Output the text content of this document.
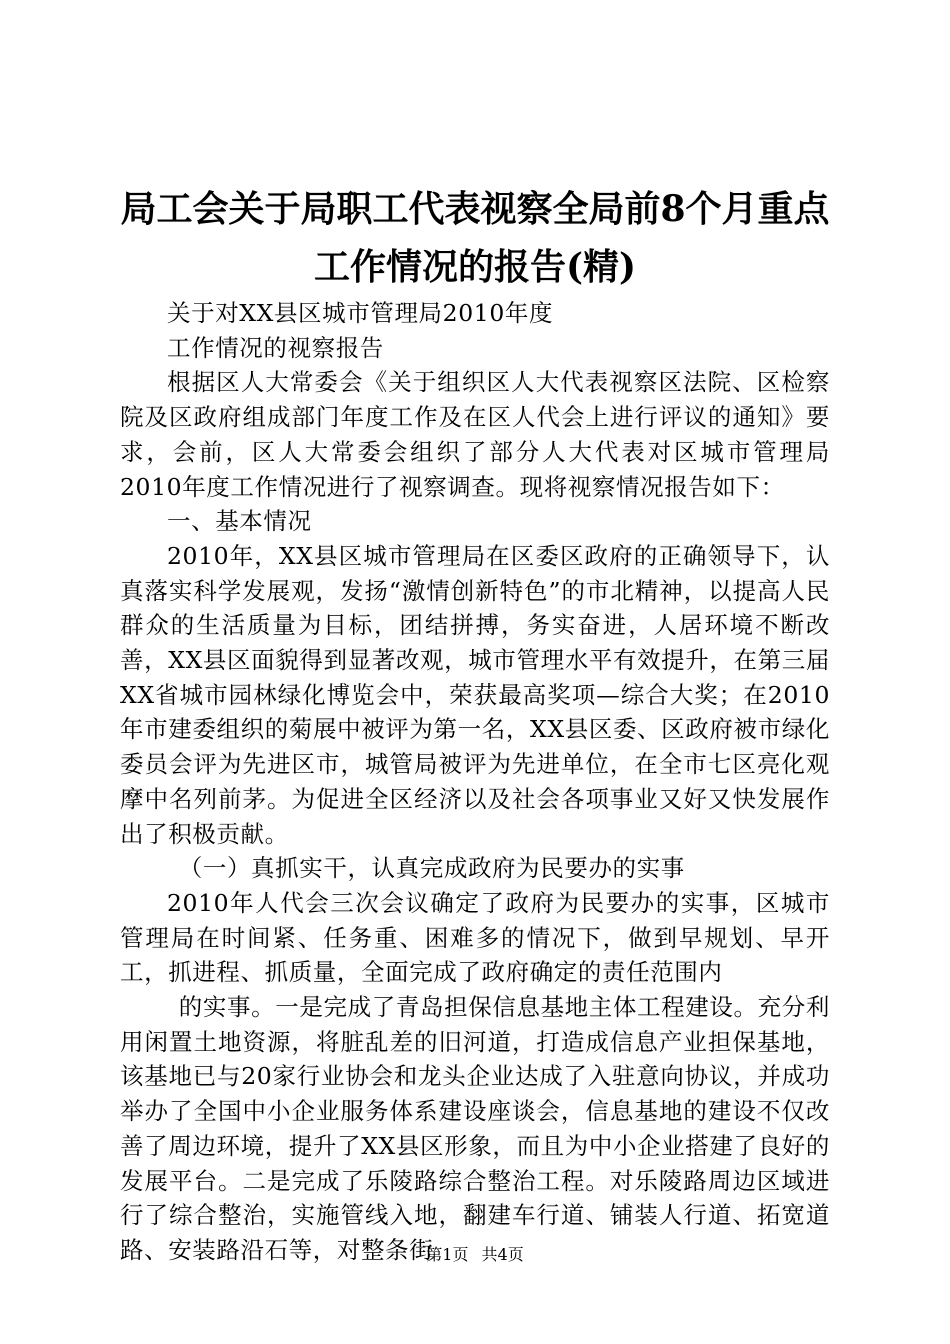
局工会关于局职工代表视察全局前8个月重点
工作情况的报告(精)

关于对XX县区城市管理局2010年度

工作情况的视察报告

根据区人大常委会《关于组织区人大代表视察区法院、区检察院及区政府组成部门年度工作及在区人代会上进行评议的通知》要求，会前，区人大常委会组织了部分人大代表对区城市管理局2010年度工作情况进行了视察调查。现将视察情况报告如下：

一、基本情况

2010年，XX县区城市管理局在区委区政府的正确领导下，认真落实科学发展观，发扬“激情创新特色”的市北精神，以提高人民群众的生活质量为目标，团结拼搏，务实奋进，人居环境不断改善，XX县区面貌得到显著改观，城市管理水平有效提升，在第三届XX省城市园林绿化博览会中，荣获最高奖项—综合大奖；在2010年市建委组织的菊展中被评为第一名，XX县区委、区政府被市绿化委员会评为先进区市，城管局被评为先进单位，在全市七区亮化观摩中名列前茅。为促进全区经济以及社会各项事业又好又快发展作出了积极贡献。

（一）真抓实干，认真完成政府为民要办的实事

2010年人代会三次会议确定了政府为民要办的实事，区城市管理局在时间紧、任务重、困难多的情况下，做到早规划、早开工，抓进程、抓质量，全面完成了政府确定的责任范围内

的实事。一是完成了青岛担保信息基地主体工程建设。充分利用闲置土地资源，将脏乱差的旧河道，打造成信息产业担保基地，该基地已与20家行业协会和龙头企业达成了入驻意向协议，并成功举办了全国中小企业服务体系建设座谈会，信息基地的建设不仅改善了周边环境，提升了XX县区形象，而且为中小企业搭建了良好的发展平台。二是完成了乐陵路综合整治工程。对乐陵路周边区域进行了综合整治，实施管线入地，翻建车行道、铺装人行道、拓宽道路、安装路沿石等，对整条街

第1页 共4页
